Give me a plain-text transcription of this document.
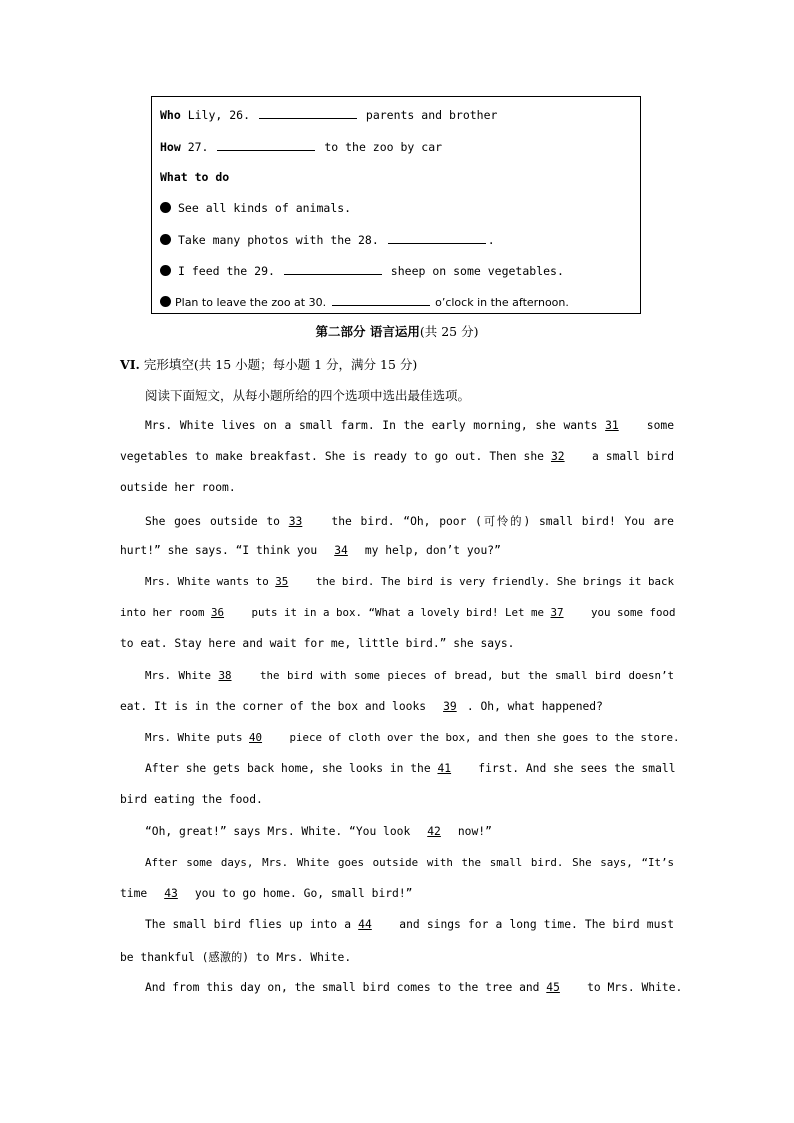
Who Lily, 26.	parents and brother
How 27.	to the zoo by car
What to do
See all kinds of animals.
Take many photos with the 28.	.
I feed the 29.	sheep on some vegetables.
Plan to leave the zoo at 30.	o’clock in the afternoon.
第二部分 语言运用(共 25 分)
VI. 完形填空(共 15 小题；每小题 1 分，满分 15 分)
阅读下面短文，从每小题所给的四个选项中选出最佳选项。
Mrs. White lives on a small farm. In the early morning, she wants 31 some
vegetables to make breakfast. She is ready to go out. Then she 32 a small bird
outside her room.
She goes outside to 33 the bird. “Oh, poor (可怜的) small bird! You are
hurt!” she says. “I think you 34 my help, don’t you?”
Mrs. White wants to 35 the bird. The bird is very friendly. She brings it back
into her room 36 puts it in a box. “What a lovely bird! Let me 37 you some food
to eat. Stay here and wait for me, little bird.” she says.
Mrs. White 38 the bird with some pieces of bread, but the small bird doesn’t
eat. It is in the corner of the box and looks 39 . Oh, what happened?
Mrs. White puts 40 piece of cloth over the box, and then she goes to the store.
After she gets back home, she looks in the 41 first. And she sees the small
bird eating the food.
“Oh, great!” says Mrs. White. “You look 42 now!”
After some days, Mrs. White goes outside with the small bird. She says, “It’s
time 43 you to go home. Go, small bird!”
The small bird flies up into a 44 and sings for a long time. The bird must
be thankful (感激的) to Mrs. White.
And from this day on, the small bird comes to the tree and 45 to Mrs. White.
